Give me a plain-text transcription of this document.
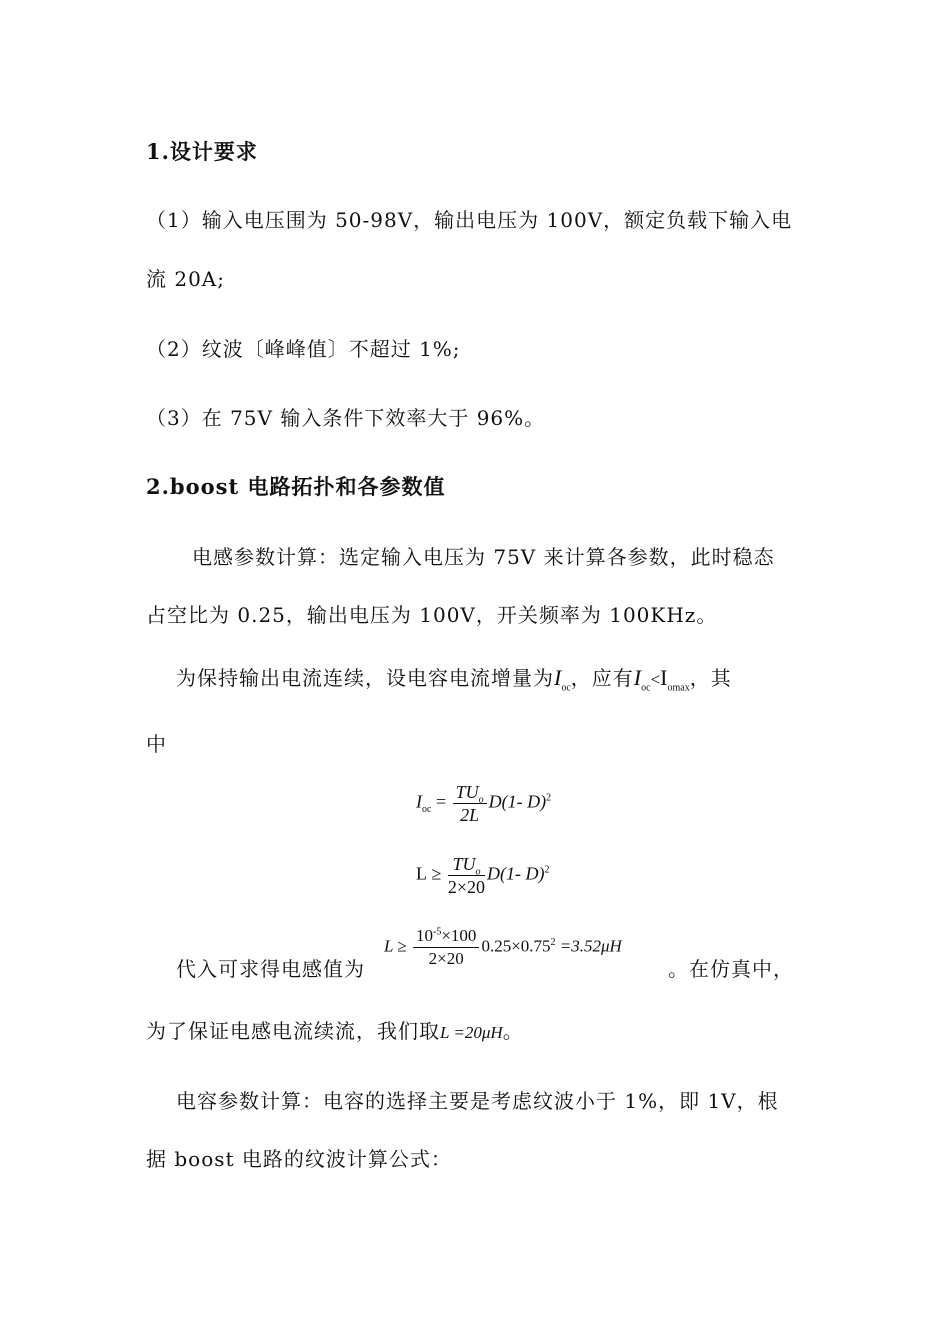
1.设计要求
（1）输入电压围为 50-98V，输出电压为 100V，额定负载下输入电
流 20A;
（2）纹波〔峰峰值〕不超过 1%;
（3）在 75V 输入条件下效率大于 96%。
2.boost 电路拓扑和各参数值
电感参数计算：选定输入电压为 75V 来计算各参数，此时稳态
占空比为 0.25，输出电压为 100V，开关频率为 100KHz。
为保持输出电流连续，设电容电流增量为$I_{oc}$，应有$I_{oc}<I_{omax}$，其
中
$I_{oc} = \frac{TU_o}{2L} D(1-$ D)$^2$
$L \ge \frac{TU_o}{2\times 20} D(1-$ D)$^2$
代入可求得电感值为
$L \ge \frac{10^{-5}\times 100}{2\times 20} 0.25\times 0.75^2 =3.52\mu H$
。在仿真中，
为了保证电感电流续流，我们取L =20μH。
电容参数计算：电容的选择主要是考虑纹波小于 1%，即 1V，根
据 boost 电路的纹波计算公式：
